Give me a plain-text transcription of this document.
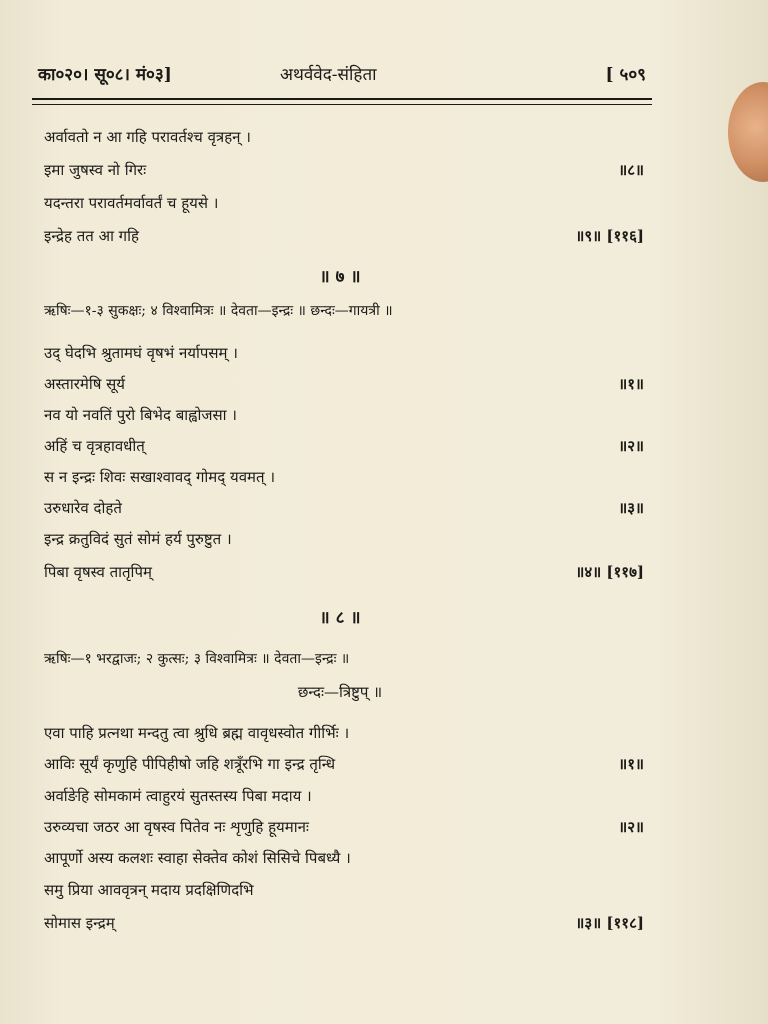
का०२०। सू०८। मं०३]	अथर्ववेद-संहिता	[ ५०९
अर्वावतो न आ गहि परावर्तश्च वृत्रहन् ।
इमा जुषस्व नो गिरः	॥८॥
यदन्तरा परावर्तमर्वावर्तं च हूयसे ।
इन्द्रेह तत आ गहि	॥९॥ [११६]
॥ ७ ॥
ऋषिः—१-३ सुकक्षः; ४ विश्वामित्रः ॥ देवता—इन्द्रः ॥ छन्दः—गायत्री ॥
उद् घेदभि श्रुतामघं वृषभं नर्यापसम् ।
अस्तारमेषि सूर्य	॥१॥
नव यो नवतिं पुरो बिभेद बाह्वोजसा ।
अहिं च वृत्रहावधीत्	॥२॥
स न इन्द्रः शिवः सखाश्वावद् गोमद् यवमत् ।
उरुधारेव दोहते	॥३॥
इन्द्र क्रतुविदं सुतं सोमं हर्य पुरुष्टुत ।
पिबा वृषस्व तातृपिम्	॥४॥ [११७]
॥ ८ ॥
ऋषिः—१ भरद्वाजः; २ कुत्सः; ३ विश्वामित्रः ॥ देवता—इन्द्रः ॥
छन्दः—त्रिष्टुप् ॥
एवा पाहि प्रत्नथा मन्दतु त्वा श्रुधि ब्रह्म वावृधस्वोत गीर्भिः ।
आविः सूर्यं कृणुहि पीपिहीषो जहि शत्रूँरभि गा इन्द्र तृन्धि	॥१॥
अर्वाङेहि सोमकामं त्वाहुरयं सुतस्तस्य पिबा मदाय ।
उरुव्यचा जठर आ वृषस्व पितेव नः शृणुहि हूयमानः	॥२॥
आपूर्णो अस्य कलशः स्वाहा सेक्तेव कोशं सिसिचे पिबध्यै ।
समु प्रिया आववृत्रन् मदाय प्रदक्षिणिदभि
सोमास इन्द्रम्	॥३॥ [११८]
